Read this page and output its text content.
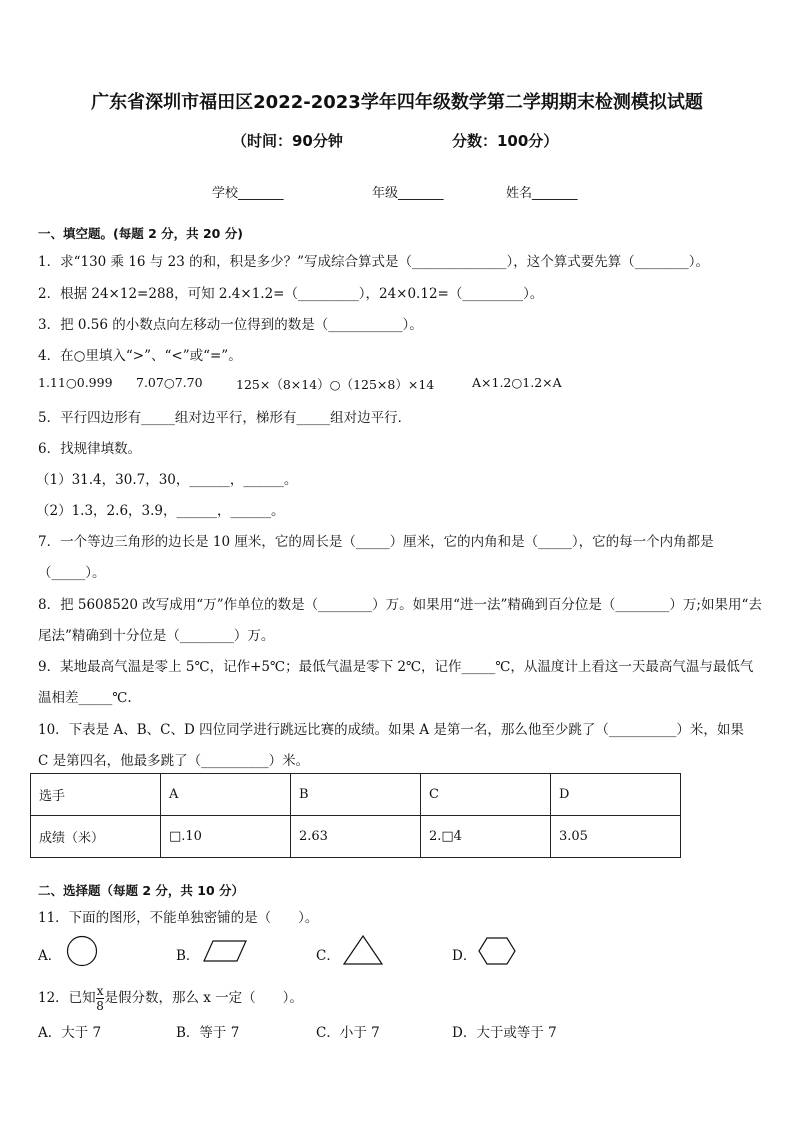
广东省深圳市福田区2022-2023学年四年级数学第二学期期末检测模拟试题
（时间：90分钟	分数：100分）
学校_______	年级_______	姓名_______
一、填空题。(每题 2 分，共 20 分)
1．求“130 乘 16 与 23 的和，积是多少？”写成综合算式是（______________），这个算式要先算（________）。
2．根据 24×12=288，可知 2.4×1.2=（_________），24×0.12=（_________）。
3．把 0.56 的小数点向左移动一位得到的数是（___________）。
4．在○里填入“>”、“<”或“=”。
1.11○0.999 7.07○7.70	125×（8×14）○（125×8）×14	A×1.2○1.2×A
5．平行四边形有_____组对边平行，梯形有_____组对边平行．
6．找规律填数。
（1）31.4，30.7，30，______，______。
（2）1.3，2.6，3.9，______，______。
7．一个等边三角形的边长是 10 厘米，它的周长是（_____）厘米，它的内角和是（_____），它的每一个内角都是
（_____）。
8．把 5608520 改写成用“万”作单位的数是（________）万。如果用“进一法”精确到百分位是（________）万;如果用“去
尾法”精确到十分位是（________）万。
9．某地最高气温是零上 5℃，记作+5℃；最低气温是零下 2℃，记作_____℃，从温度计上看这一天最高气温与最低气
温相差_____℃.
10．下表是 A、B、C、D 四位同学进行跳远比赛的成绩。如果 A 是第一名，那么他至少跳了（__________）米，如果
C 是第四名，他最多跳了（__________）米。
选手	A	B	C	D
成绩（米）	□.10	2.63	2.□4	3.05
二、选择题（每题 2 分，共 10 分）
11．下面的图形，不能单独密铺的是（　　）。
A．	B．	C．	D．
12．已知 $\frac{x}{8}$ 是假分数，那么 x 一定（　　）。
A．大于 7	B．等于 7	C．小于 7	D．大于或等于 7
